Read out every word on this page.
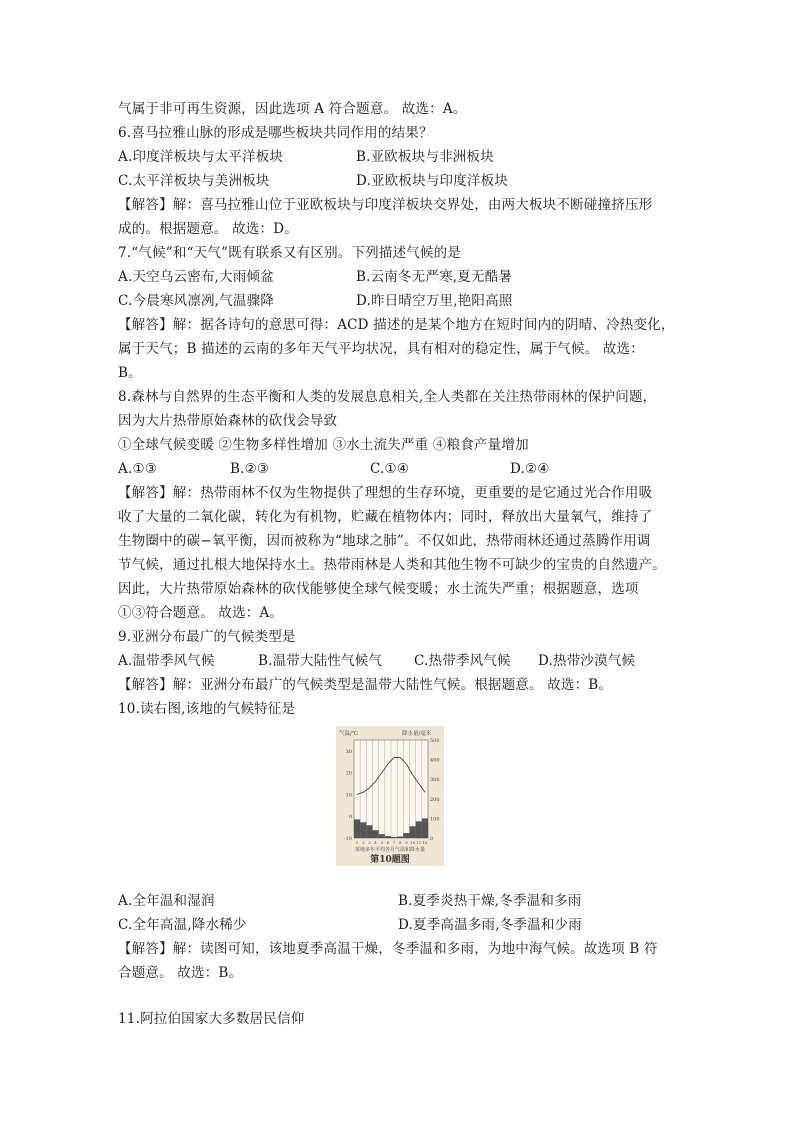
气属于非可再生资源，因此选项 A 符合题意。 故选：A。
6.喜马拉雅山脉的形成是哪些板块共同作用的结果？
A.印度洋板块与太平洋板块	B.亚欧板块与非洲板块
C.太平洋板块与美洲板块	D.亚欧板块与印度洋板块
【解答】解：喜马拉雅山位于亚欧板块与印度洋板块交界处，由两大板块不断碰撞挤压形
成的。根据题意。 故选：D。
7.“气候”和“天气”既有联系又有区别。下列描述气候的是
A.天空乌云密布,大雨倾盆	B.云南冬无严寒,夏无酷暑
C.今晨寒风凛冽,气温骤降	D.昨日晴空万里,艳阳高照
【解答】解：据各诗句的意思可得：ACD 描述的是某个地方在短时间内的阴晴、冷热变化，
属于天气；B 描述的云南的多年天气平均状况，具有相对的稳定性，属于气候。 故选：
B。
8.森林与自然界的生态平衡和人类的发展息息相关,全人类都在关注热带雨林的保护问题，
因为大片热带原始森林的砍伐会导致
①全球气候变暖 ②生物多样性增加 ③水土流失严重 ④粮食产量增加
A.①③	B.②③	C.①④	D.②④
【解答】解：热带雨林不仅为生物提供了理想的生存环境，更重要的是它通过光合作用吸
收了大量的二氧化碳，转化为有机物，贮藏在植物体内；同时，释放出大量氧气，维持了
生物圈中的碳−氧平衡，因而被称为“地球之肺”。不仅如此，热带雨林还通过蒸腾作用调
节气候，通过扎根大地保持水土。热带雨林是人类和其他生物不可缺少的宝贵的自然遗产。
因此，大片热带原始森林的砍伐能够使全球气候变暖；水土流失严重；根据题意，选项
①③符合题意。 故选：A。
9.亚洲分布最广的气候类型是
A.温带季风气候	B.温带大陆性气候气 C.热带季风气候 D.热带沙漠气候
【解答】解：亚洲分布最广的气候类型是温带大陆性气候。根据题意。 故选：B。
10.读右图,该地的气候特征是
气温/℃	降水量/毫米
30
20
10
0
-10
500
400
300
200
100
0
1 2 3 4 5 6 7 8 9 10 11 12
某地多年平均各月气温和降水量
第10题图
A.全年温和湿润	B.夏季炎热干燥,冬季温和多雨
C.全年高温,降水稀少	D.夏季高温多雨,冬季温和少雨
【解答】解：读图可知，该地夏季高温干燥，冬季温和多雨，为地中海气候。故选项 B 符
合题意。 故选：B。
11.阿拉伯国家大多数居民信仰
